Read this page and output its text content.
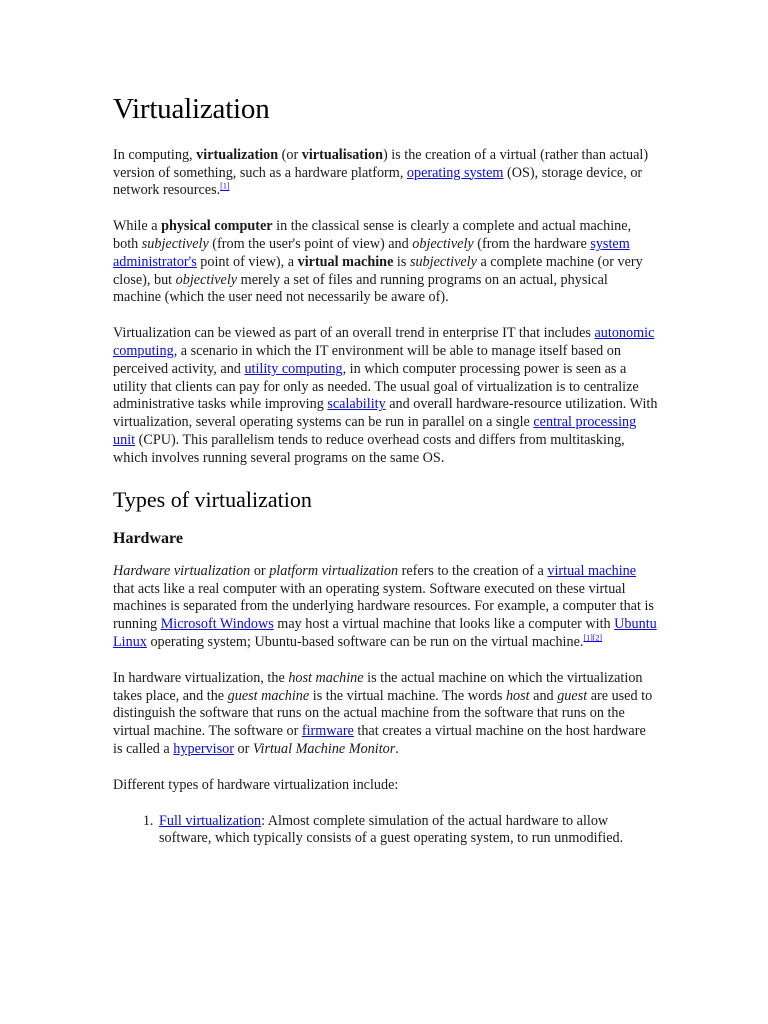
Virtualization

In computing, virtualization (or virtualisation) is the creation of a virtual (rather than actual) version of something, such as a hardware platform, operating system (OS), storage device, or network resources.[1]

While a physical computer in the classical sense is clearly a complete and actual machine, both subjectively (from the user's point of view) and objectively (from the hardware system administrator's point of view), a virtual machine is subjectively a complete machine (or very close), but objectively merely a set of files and running programs on an actual, physical machine (which the user need not necessarily be aware of).

Virtualization can be viewed as part of an overall trend in enterprise IT that includes autonomic computing, a scenario in which the IT environment will be able to manage itself based on perceived activity, and utility computing, in which computer processing power is seen as a utility that clients can pay for only as needed. The usual goal of virtualization is to centralize administrative tasks while improving scalability and overall hardware-resource utilization. With virtualization, several operating systems can be run in parallel on a single central processing unit (CPU). This parallelism tends to reduce overhead costs and differs from multitasking, which involves running several programs on the same OS.

Types of virtualization
Hardware

Hardware virtualization or platform virtualization refers to the creation of a virtual machine that acts like a real computer with an operating system. Software executed on these virtual machines is separated from the underlying hardware resources. For example, a computer that is running Microsoft Windows may host a virtual machine that looks like a computer with Ubuntu Linux operating system; Ubuntu-based software can be run on the virtual machine.[1][2]

In hardware virtualization, the host machine is the actual machine on which the virtualization takes place, and the guest machine is the virtual machine. The words host and guest are used to distinguish the software that runs on the actual machine from the software that runs on the virtual machine. The software or firmware that creates a virtual machine on the host hardware is called a hypervisor or Virtual Machine Monitor.

Different types of hardware virtualization include:

1. Full virtualization: Almost complete simulation of the actual hardware to allow software, which typically consists of a guest operating system, to run unmodified.
